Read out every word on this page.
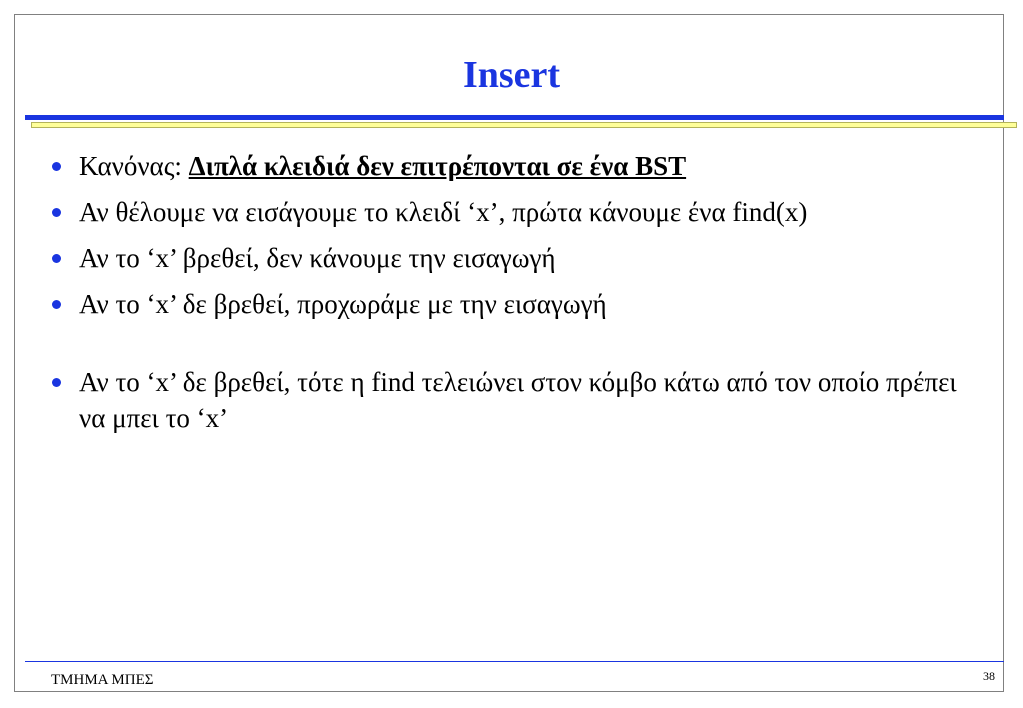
Insert
Κανόνας: Διπλά κλειδιά δεν επιτρέπονται σε ένα BST
Αν θέλουμε να εισάγουμε το κλειδί ‘x’, πρώτα κάνουμε ένα find(x)
Αν το ‘x’ βρεθεί, δεν κάνουμε την εισαγωγή
Αν το ‘x’ δε βρεθεί, προχωράμε με την εισαγωγή
Αν το ‘x’ δε βρεθεί, τότε η find τελειώνει στον κόμβο κάτω από τον οποίο πρέπει να μπει το ‘x’
ΤΜΗΜΑ ΜΠΕΣ	38
